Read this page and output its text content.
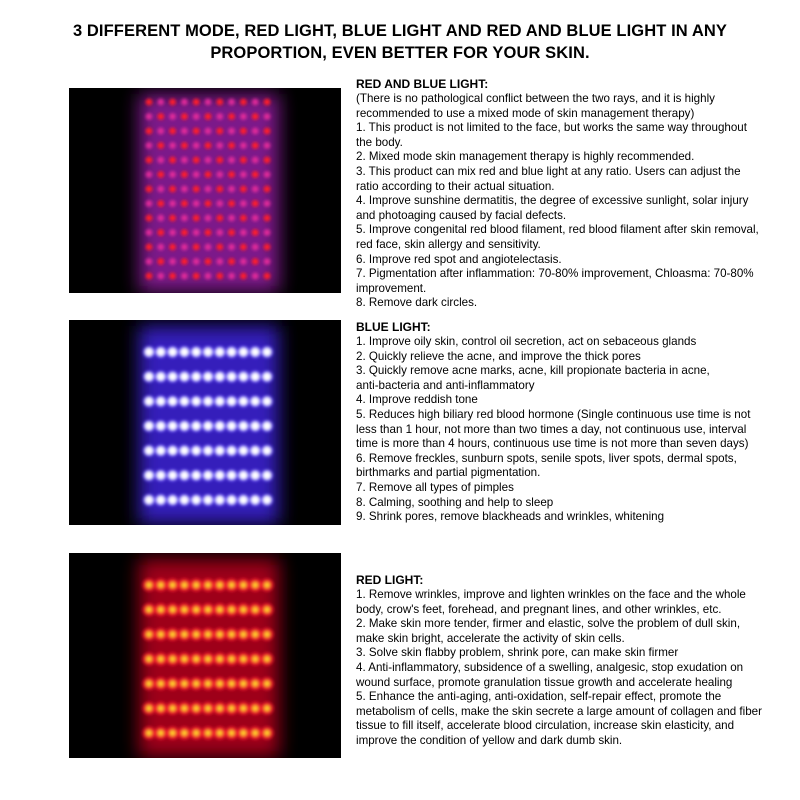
3 DIFFERENT MODE, RED LIGHT, BLUE LIGHT AND RED AND BLUE LIGHT IN ANY
PROPORTION, EVEN BETTER FOR YOUR SKIN.
RED AND BLUE LIGHT:
(There is no pathological conflict between the two rays, and it is highly
recommended to use a mixed mode of skin management therapy)
1. This product is not limited to the face, but works the same way throughout
the body.
2. Mixed mode skin management therapy is highly recommended.
3. This product can mix red and blue light at any ratio. Users can adjust the
ratio according to their actual situation.
4. Improve sunshine dermatitis, the degree of excessive sunlight, solar injury
and photoaging caused by facial defects.
5. Improve congenital red blood filament, red blood filament after skin removal,
red face, skin allergy and sensitivity.
6. Improve red spot and angiotelectasis.
7. Pigmentation after inflammation: 70-80% improvement, Chloasma: 70-80%
improvement.
8. Remove dark circles.
BLUE LIGHT:
1. Improve oily skin, control oil secretion, act on sebaceous glands
2. Quickly relieve the acne, and improve the thick pores
3. Quickly remove acne marks, acne, kill propionate bacteria in acne,
anti-bacteria and anti-inflammatory
4. Improve reddish tone
5. Reduces high biliary red blood hormone (Single continuous use time is not
less than 1 hour, not more than two times a day, not continuous use, interval
time is more than 4 hours, continuous use time is not more than seven days)
6. Remove freckles, sunburn spots, senile spots, liver spots, dermal spots,
birthmarks and partial pigmentation.
7. Remove all types of pimples
8. Calming, soothing and help to sleep
9. Shrink pores, remove blackheads and wrinkles, whitening
RED LIGHT:
1. Remove wrinkles, improve and lighten wrinkles on the face and the whole
body, crow's feet, forehead, and pregnant lines, and other wrinkles, etc.
2. Make skin more tender, firmer and elastic, solve the problem of dull skin,
make skin bright, accelerate the activity of skin cells.
3. Solve skin flabby problem, shrink pore, can make skin firmer
4. Anti-inflammatory, subsidence of a swelling, analgesic, stop exudation on
wound surface, promote granulation tissue growth and accelerate healing
5. Enhance the anti-aging, anti-oxidation, self-repair effect, promote the
metabolism of cells, make the skin secrete a large amount of collagen and fiber
tissue to fill itself, accelerate blood circulation, increase skin elasticity, and
improve the condition of yellow and dark dumb skin.
